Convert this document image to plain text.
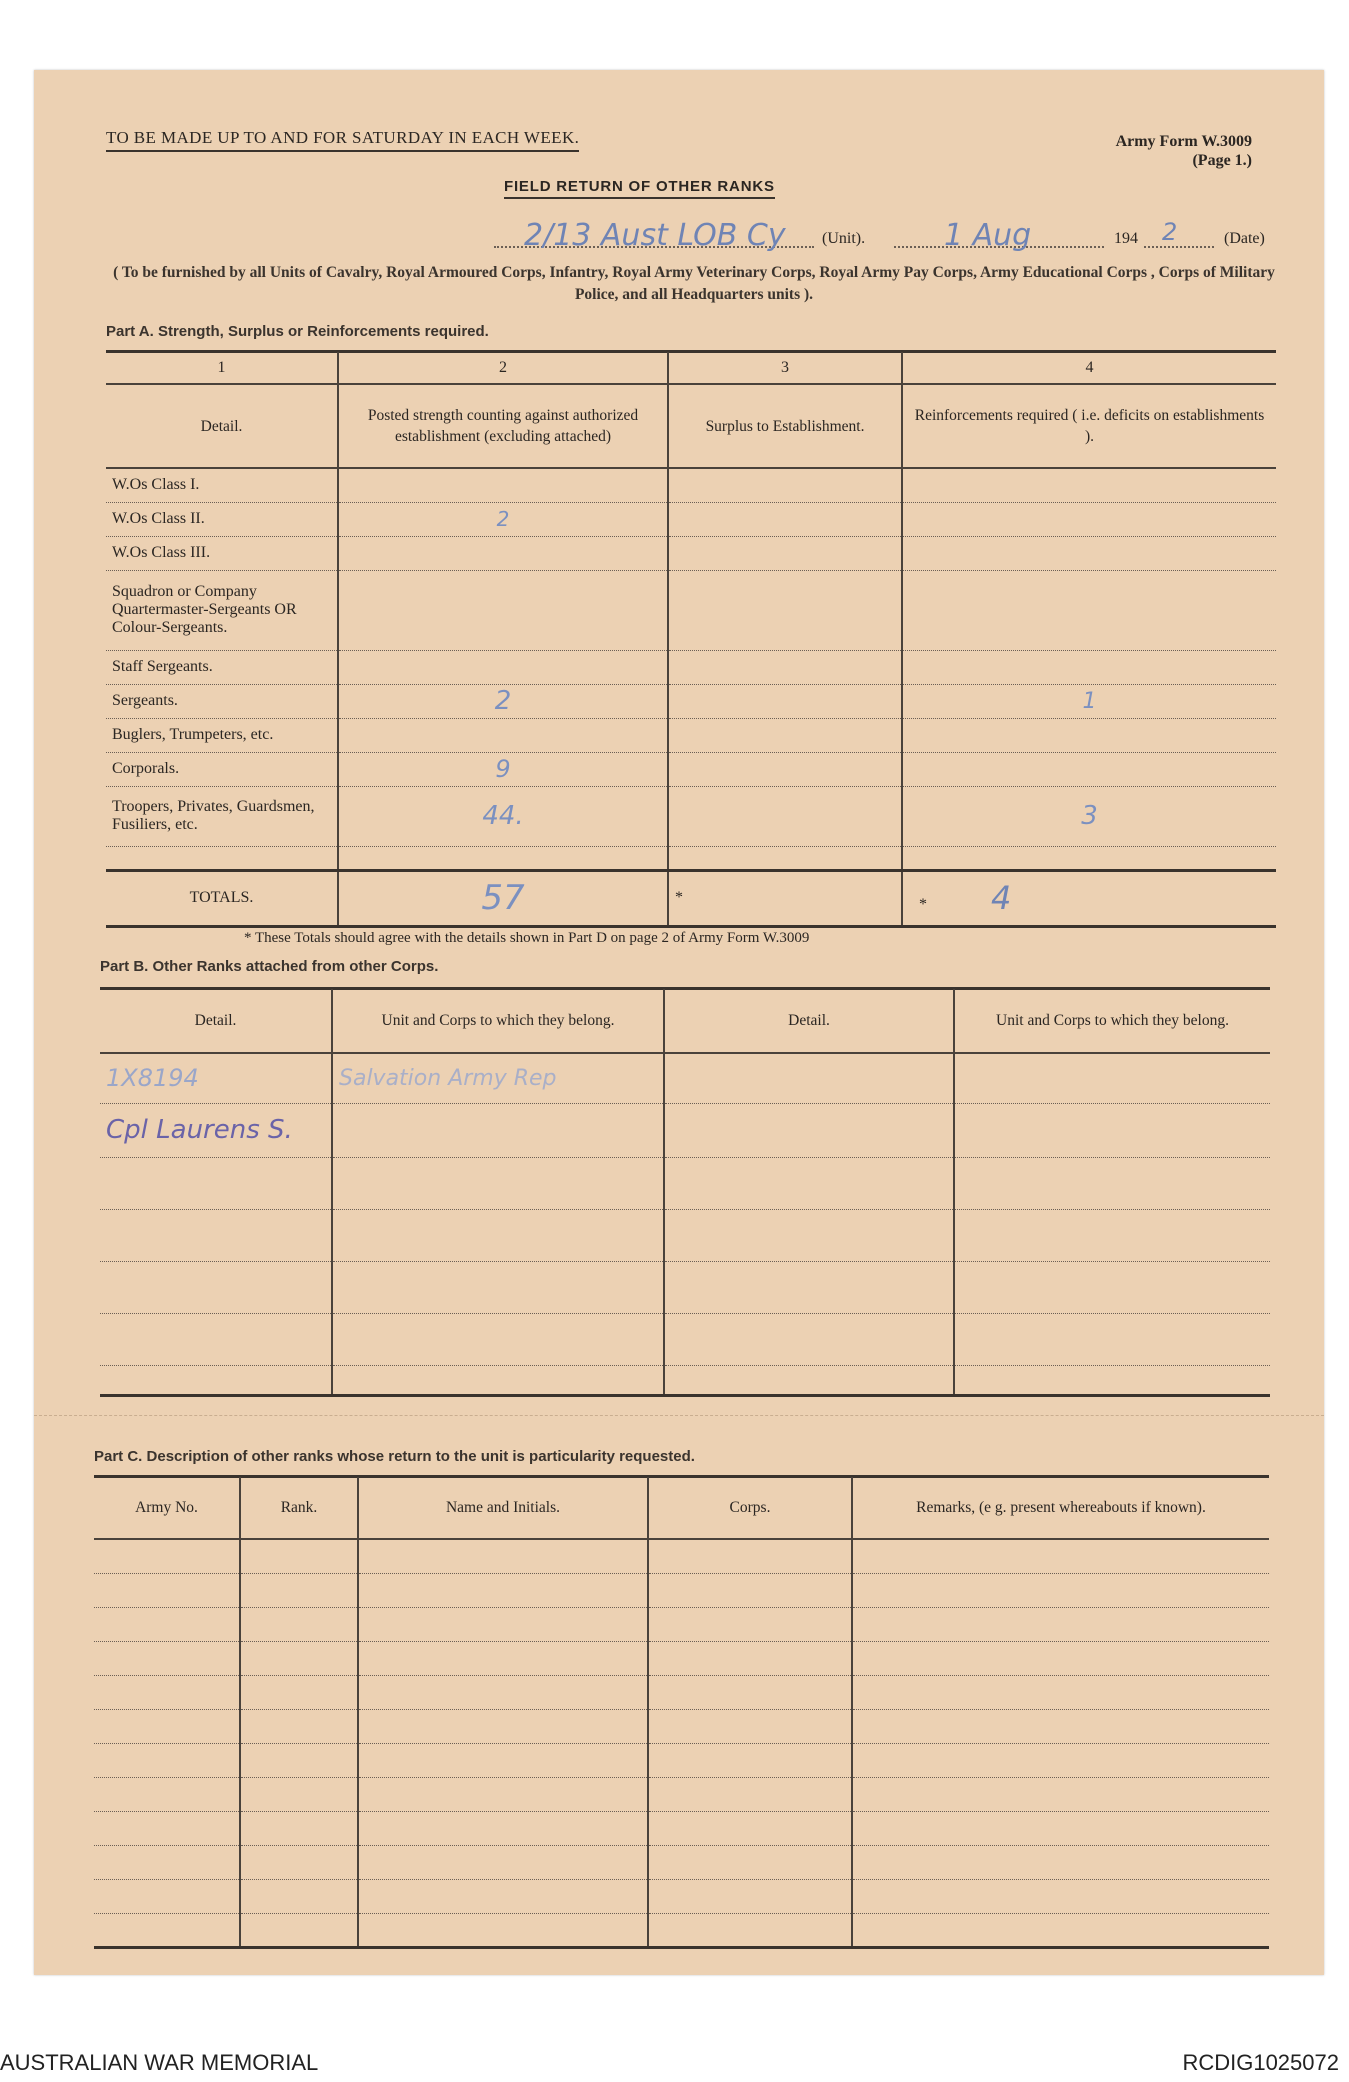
TO BE MADE UP TO AND FOR SATURDAY IN EACH WEEK.	Army Form W.3009
(Page 1.)
FIELD RETURN OF OTHER RANKS
2/13 Aust LOB Cy (Unit).	1 Aug	194 2	(Date)
( To be furnished by all Units of Cavalry, Royal Armoured Corps, Infantry, Royal Army Veterinary Corps, Royal Army Pay Corps, Army Educational Corps , Corps of Military Police, and all Headquarters units ).
Part A. Strength, Surplus or Reinforcements required.
1	2	3	4
Detail.	Posted strength counting against authorized establishment (excluding attached)	Surplus to Establishment.	Reinforcements required ( i.e. deficits on establishments ).
W.Os Class I.			
W.Os Class II.	2		
W.Os Class III.			
Squadron or Company Quartermaster-Sergeants OR Colour-Sergeants.			
Staff Sergeants.			
Sergeants.	2		1
Buglers, Trumpeters, etc.			
Corporals.	9		
Troopers, Privates, Guardsmen, Fusiliers, etc.	44.		3

TOTALS.	57	*	* 4
* These Totals should agree with the details shown in Part D on page 2 of Army Form W.3009
Part B. Other Ranks attached from other Corps.
Detail.	Unit and Corps to which they belong.	Detail.	Unit and Corps to which they belong.
1X8194	Salvation Army Rep		
Cpl Laurens S.			

Part C. Description of other ranks whose return to the unit is particularity requested.
Army No.	Rank.	Name and Initials.	Corps.	Remarks, (e g. present whereabouts if known).

AUSTRALIAN WAR MEMORIAL	RCDIG1025072
